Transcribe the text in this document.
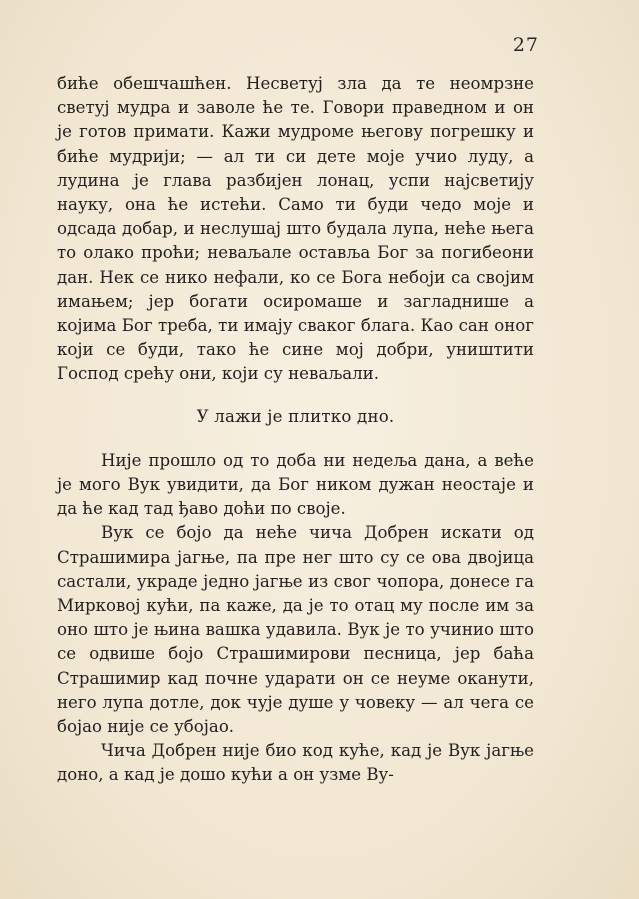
27

биће обешчашћен. Несветуј зла да те неомрзне светуј мудра и заволе ће те. Говори праведном и он је готов примати. Кажи мудроме његову погрешку и биће мудрији; — ал ти си дете моје учио луду, а лудина је глава разбијен лонац, успи најсветију науку, она ће истећи. Само ти буди чедо моје и одсада добар, и неслушај што будала лупа, неће њега то олако проћи; неваљале оставља Бог за погибеони дан. Нек се нико нефали, ко се Бога небоји са својим имањем; јер богати осиромаше и загладнише а којима Бог треба, ти имају сваког блага. Као сан оног који се буди, тако ће сине мој добри, уништити Господ срећу они, који су неваљали.

У лажи је плитко дно.

Није прошло од то доба ни недеља дана, а веће је мого Вук увидити, да Бог ником дужан неостаје и да ће кад тад ђаво доћи по своје.

Вук се бојо да неће чича Добрен искати од Страшимира јагње, па пре нег што су се ова двојица састали, украде једно јагње из свог чопора, донесе га Мирковој кући, па каже, да је то отац му после им за оно што је њина вашка удавила. Вук је то учинио што се одвише бојо Страшимирови песница, јер баћа Страшимир кад почне ударати он се неуме оканути, него лупа дотле, док чује душе у човеку — ал чега се бојао није се убојао.

Чича Добрен није био код куће, кад је Вук јагње доно, а кад је дошо кући а он узме Ву-
